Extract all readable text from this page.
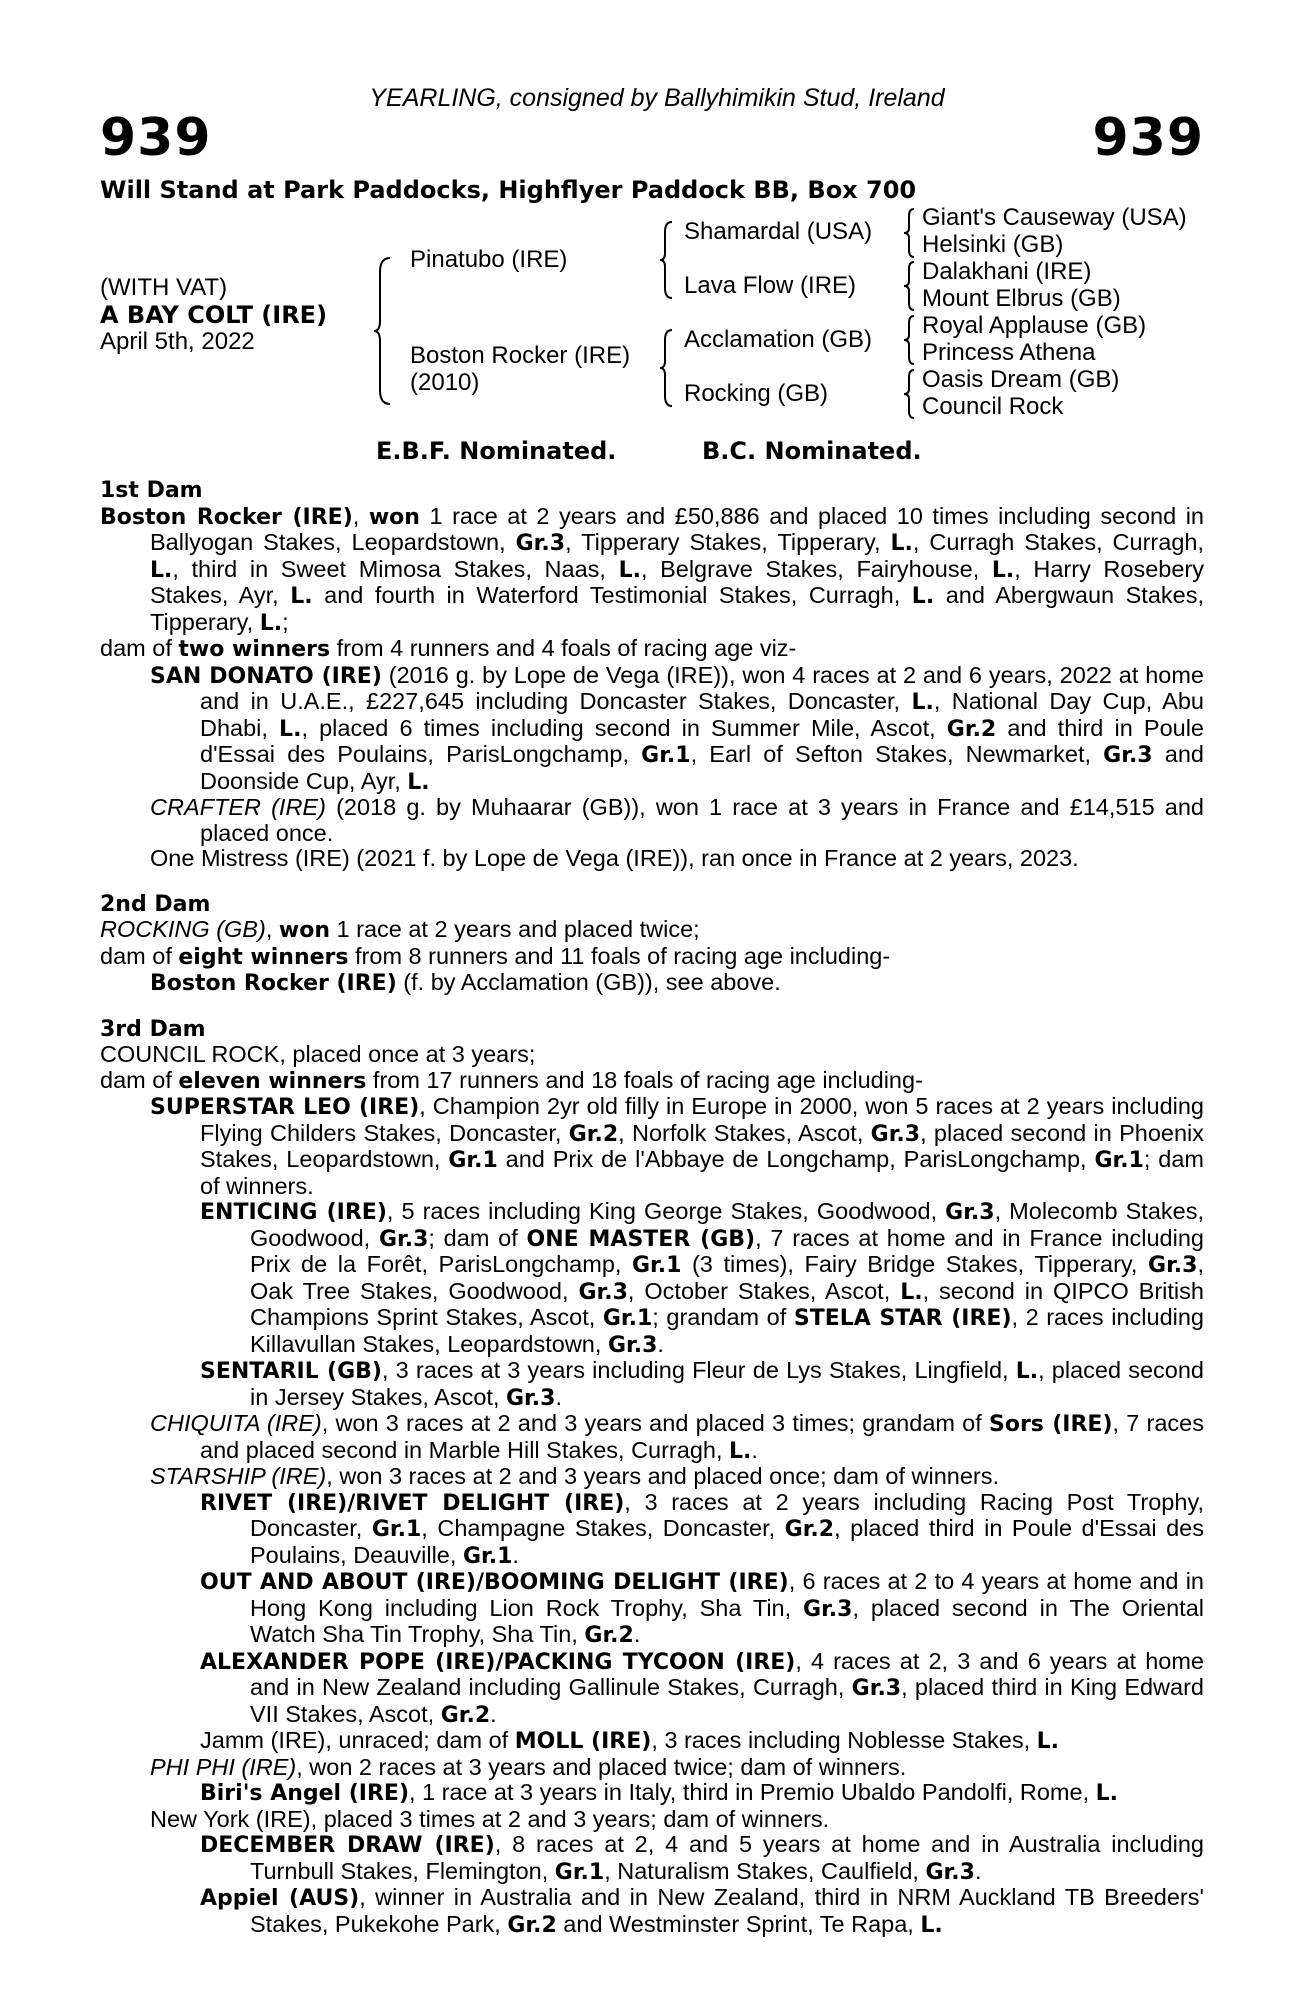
YEARLING, consigned by Ballyhimikin Stud, Ireland
939	939
Will Stand at Park Paddocks, Highflyer Paddock BB, Box 700
(WITH VAT)
A BAY COLT (IRE)
April 5th, 2022
Pinatubo (IRE)
Boston Rocker (IRE)
(2010)
Shamardal (USA)
Lava Flow (IRE)
Acclamation (GB)
Rocking (GB)
Giant's Causeway (USA)
Helsinki (GB)
Dalakhani (IRE)
Mount Elbrus (GB)
Royal Applause (GB)
Princess Athena
Oasis Dream (GB)
Council Rock
E.B.F. Nominated.	B.C. Nominated.
1st Dam
Boston Rocker (IRE), won 1 race at 2 years and £50,886 and placed 10 times including second in Ballyogan Stakes, Leopardstown, Gr.3, Tipperary Stakes, Tipperary, L., Curragh Stakes, Curragh, L., third in Sweet Mimosa Stakes, Naas, L., Belgrave Stakes, Fairyhouse, L., Harry Rosebery Stakes, Ayr, L. and fourth in Waterford Testimonial Stakes, Curragh, L. and Abergwaun Stakes, Tipperary, L.;
dam of two winners from 4 runners and 4 foals of racing age viz-
SAN DONATO (IRE) (2016 g. by Lope de Vega (IRE)), won 4 races at 2 and 6 years, 2022 at home and in U.A.E., £227,645 including Doncaster Stakes, Doncaster, L., National Day Cup, Abu Dhabi, L., placed 6 times including second in Summer Mile, Ascot, Gr.2 and third in Poule d'Essai des Poulains, ParisLongchamp, Gr.1, Earl of Sefton Stakes, Newmarket, Gr.3 and Doonside Cup, Ayr, L.
CRAFTER (IRE) (2018 g. by Muhaarar (GB)), won 1 race at 3 years in France and £14,515 and placed once.
One Mistress (IRE) (2021 f. by Lope de Vega (IRE)), ran once in France at 2 years, 2023.
2nd Dam
ROCKING (GB), won 1 race at 2 years and placed twice;
dam of eight winners from 8 runners and 11 foals of racing age including-
Boston Rocker (IRE) (f. by Acclamation (GB)), see above.
3rd Dam
COUNCIL ROCK, placed once at 3 years;
dam of eleven winners from 17 runners and 18 foals of racing age including-
SUPERSTAR LEO (IRE), Champion 2yr old filly in Europe in 2000, won 5 races at 2 years including Flying Childers Stakes, Doncaster, Gr.2, Norfolk Stakes, Ascot, Gr.3, placed second in Phoenix Stakes, Leopardstown, Gr.1 and Prix de l'Abbaye de Longchamp, ParisLongchamp, Gr.1; dam of winners.
ENTICING (IRE), 5 races including King George Stakes, Goodwood, Gr.3, Molecomb Stakes, Goodwood, Gr.3; dam of ONE MASTER (GB), 7 races at home and in France including Prix de la Forêt, ParisLongchamp, Gr.1 (3 times), Fairy Bridge Stakes, Tipperary, Gr.3, Oak Tree Stakes, Goodwood, Gr.3, October Stakes, Ascot, L., second in QIPCO British Champions Sprint Stakes, Ascot, Gr.1; grandam of STELA STAR (IRE), 2 races including Killavullan Stakes, Leopardstown, Gr.3.
SENTARIL (GB), 3 races at 3 years including Fleur de Lys Stakes, Lingfield, L., placed second in Jersey Stakes, Ascot, Gr.3.
CHIQUITA (IRE), won 3 races at 2 and 3 years and placed 3 times; grandam of Sors (IRE), 7 races and placed second in Marble Hill Stakes, Curragh, L..
STARSHIP (IRE), won 3 races at 2 and 3 years and placed once; dam of winners.
RIVET (IRE)/RIVET DELIGHT (IRE), 3 races at 2 years including Racing Post Trophy, Doncaster, Gr.1, Champagne Stakes, Doncaster, Gr.2, placed third in Poule d'Essai des Poulains, Deauville, Gr.1.
OUT AND ABOUT (IRE)/BOOMING DELIGHT (IRE), 6 races at 2 to 4 years at home and in Hong Kong including Lion Rock Trophy, Sha Tin, Gr.3, placed second in The Oriental Watch Sha Tin Trophy, Sha Tin, Gr.2.
ALEXANDER POPE (IRE)/PACKING TYCOON (IRE), 4 races at 2, 3 and 6 years at home and in New Zealand including Gallinule Stakes, Curragh, Gr.3, placed third in King Edward VII Stakes, Ascot, Gr.2.
Jamm (IRE), unraced; dam of MOLL (IRE), 3 races including Noblesse Stakes, L.
PHI PHI (IRE), won 2 races at 3 years and placed twice; dam of winners.
Biri's Angel (IRE), 1 race at 3 years in Italy, third in Premio Ubaldo Pandolfi, Rome, L.
New York (IRE), placed 3 times at 2 and 3 years; dam of winners.
DECEMBER DRAW (IRE), 8 races at 2, 4 and 5 years at home and in Australia including Turnbull Stakes, Flemington, Gr.1, Naturalism Stakes, Caulfield, Gr.3.
Appiel (AUS), winner in Australia and in New Zealand, third in NRM Auckland TB Breeders' Stakes, Pukekohe Park, Gr.2 and Westminster Sprint, Te Rapa, L.
